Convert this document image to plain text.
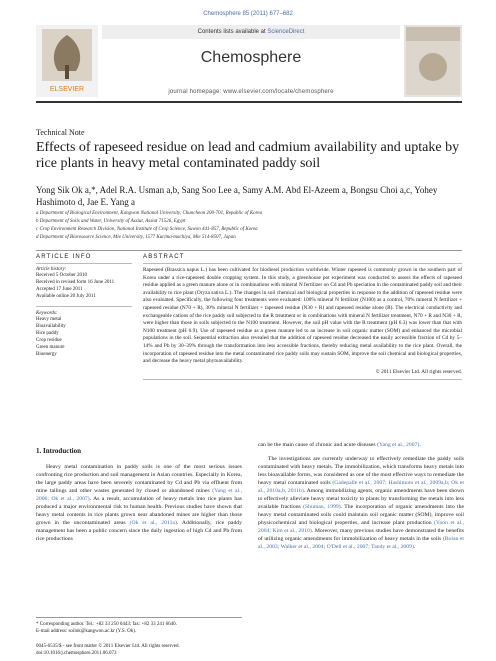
Chemosphere 85 (2011) 677–682
ELSEVIER
Contents lists available at ScienceDirect
Chemosphere
journal homepage: www.elsevier.com/locate/chemosphere
Technical Note
Effects of rapeseed residue on lead and cadmium availability and uptake by rice plants in heavy metal contaminated paddy soil
Yong Sik Ok a,*, Adel R.A. Usman a,b, Sang Soo Lee a, Samy A.M. Abd El-Azeem a, Bongsu Choi a,c, Yohey Hashimoto d, Jae E. Yang a
a Department of Biological Environment, Kangwon National University, Chuncheon 200-701, Republic of Korea
b Department of Soils and Water, University of Assiut, Assiut 71526, Egypt
c Crop Environment Research Division, National Institute of Crop Science, Suwon 441-857, Republic of Korea
d Department of Bioresource Science, Mie University, 1577 Kurima-machiya, Mie 514-8507, Japan
ARTICLE INFO
Article history:
Received 5 October 2010
Received in revised form 16 June 2011
Accepted 17 June 2011
Available online 20 July 2011
Keywords:
Heavy metal
Bioavailability
Rice paddy
Crop residue
Green manure
Bioenergy
ABSTRACT
Rapeseed (Brassica napus L.) has been cultivated for biodiesel production worldwide. Winter rapeseed is commonly grown in the southern part of Korea under a rice-rapeseed double cropping system. In this study, a greenhouse pot experiment was conducted to assess the effects of rapeseed residue applied as a green manure alone or in combinations with mineral N fertilizer on Cd and Pb speciation in the contaminated paddy soil and their availability to rice plant (Oryza sativa L.). The changes in soil chemical and biological properties in response to the addition of rapeseed residue were also evaluated. Specifically, the following four treatments were evaluated: 100% mineral N fertilizer (N100) as a control, 70% mineral N fertilizer + rapeseed residue (N70 + R), 30% mineral N fertilizer + rapeseed residue (N30 + R) and rapeseed residue alone (R). The electrical conductivity and exchangeable cations of the rice paddy soil subjected to the R treatment or in combinations with mineral N fertilizer treatment, N70 + R and N30 + R, were higher than those in soils subjected to the N100 treatment. However, the soil pH value with the R treatment (pH 6.3) was lower than that with N100 treatment (pH 6.9). Use of rapeseed residue as a green manure led to an increase in soil organic matter (SOM) and enhanced the microbial populations in the soil. Sequential extraction also revealed that the addition of rapeseed residue decreased the easily accessible fraction of Cd by 5–14% and Pb by 30–39% through the transformation into less accessible fractions, thereby reducing metal availability to the rice plant. Overall, the incorporation of rapeseed residue into the metal contaminated rice paddy soils may sustain SOM, improve the soil chemical and biological properties, and decrease the heavy metal phytoavailability.
© 2011 Elsevier Ltd. All rights reserved.
1. Introduction

Heavy metal contamination in paddy soils is one of the most serious issues confronting rice production and soil management in Asian countries. Especially in Korea, the large paddy areas have been severely contaminated by Cd and Pb via effluent from mine tailings and other wastes generated by closed or abandoned mines (Yang et al., 2006; Ok et al., 2007). As a result, accumulation of heavy metals into rice plants has produced a major environmental risk to human health. Previous studies have shown that heavy metal contents in rice plants grown near abandoned mines are higher than those grown in the uncontaminated areas (Ok et al., 2011a). Additionally, rice paddy management has been a public concern since the daily ingestion of high Cd and Pb from rice productions

can be the main cause of chronic and acute diseases (Yang et al., 2007).

The investigations are currently underway to effectively remediate the paddy soils contaminated with heavy metals. The immobilization, which transforms heavy metals into less bioavailable forms, was considered as one of the most effective ways to remediate the heavy metal contaminated soils (Gadepalle et al., 2007; Hashimoto et al., 2009a,b; Ok et al., 2010a,b, 2011b). Among immobilizing agents, organic amendments have been shown to effectively alleviate heavy metal toxicity to plants by transforming the metals into less available fractions (Shuman, 1999). The incorporation of organic amendments into the heavy metal contaminated soils could maintain soil organic matter (SOM), improve soil physicochemical and biological properties, and increase plant production (Yoon et al., 2004; Kim et al., 2010). Moreover, many previous studies have demonstrated the benefits of utilizing organic amendments for immobilization of heavy metals in the soils (Bolan et al., 2003; Walker et al., 2004; O'Dell et al., 2007; Tandy et al., 2009).

* Corresponding author. Tel.: +82 33 250 6443; fax: +82 33 241 6640.
E-mail address: soilok@kangwon.ac.kr (Y.S. Ok).
0045-6535/$ - see front matter © 2011 Elsevier Ltd. All rights reserved.
doi:10.1016/j.chemosphere.2011.06.073
